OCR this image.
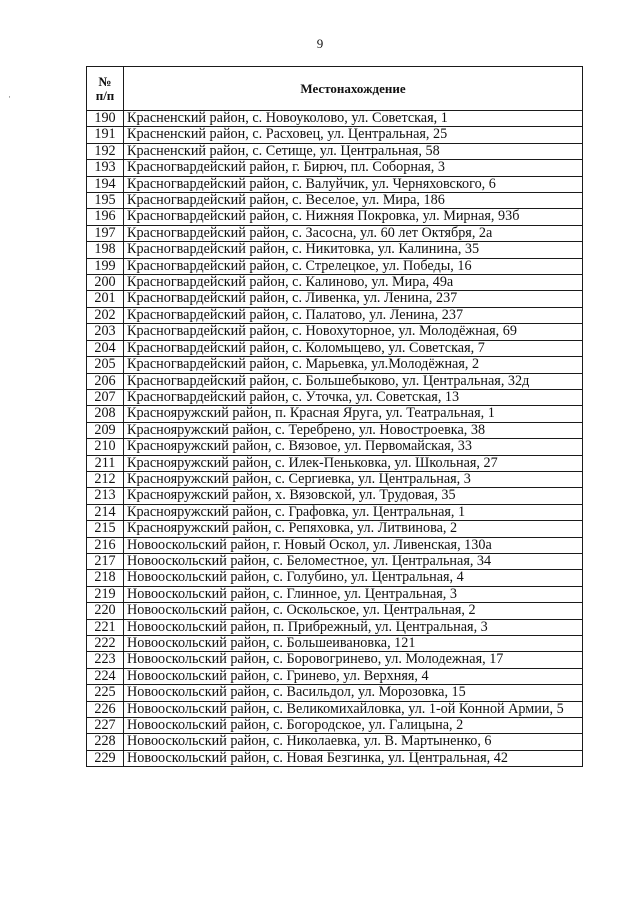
9
·
№
п/п	Местонахождение
190	Красненский район, с. Новоуколово, ул. Советская, 1
191	Красненский район, с. Расховец, ул. Центральная, 25
192	Красненский район, с. Сетище, ул. Центральная, 58
193	Красногвардейский район, г. Бирюч, пл. Соборная, 3
194	Красногвардейский район, с. Валуйчик, ул. Черняховского, 6
195	Красногвардейский район, с. Веселое, ул. Мира, 186
196	Красногвардейский район, с. Нижняя Покровка, ул. Мирная, 93б
197	Красногвардейский район, с. Засосна, ул. 60 лет Октября, 2а
198	Красногвардейский район, с. Никитовка, ул. Калинина, 35
199	Красногвардейский район, с. Стрелецкое, ул. Победы, 16
200	Красногвардейский район, с. Калиново, ул. Мира, 49а
201	Красногвардейский район, с. Ливенка, ул. Ленина, 237
202	Красногвардейский район, с. Палатово, ул. Ленина, 237
203	Красногвардейский район, с. Новохуторное, ул. Молодёжная, 69
204	Красногвардейский район, с. Коломыцево, ул. Советская, 7
205	Красногвардейский район, с. Марьевка, ул.Молодёжная, 2
206	Красногвардейский район, с. Большебыково, ул. Центральная, 32д
207	Красногвардейский район, с. Уточка, ул. Советская, 13
208	Краснояружский район, п. Красная Яруга, ул. Театральная, 1
209	Краснояружский район, с. Теребрено, ул. Новостроевка, 38
210	Краснояружский район, с. Вязовое, ул. Первомайская, 33
211	Краснояружский район, с. Илек-Пеньковка, ул. Школьная, 27
212	Краснояружский район, с. Сергиевка, ул. Центральная, 3
213	Краснояружский район, х. Вязовской, ул. Трудовая, 35
214	Краснояружский район, с. Графовка, ул. Центральная, 1
215	Краснояружский район, с. Репяховка, ул. Литвинова, 2
216	Новооскольский район, г. Новый Оскол, ул. Ливенская, 130а
217	Новооскольский район, с. Беломестное, ул. Центральная, 34
218	Новооскольский район, с. Голубино, ул. Центральная, 4
219	Новооскольский район, с. Глинное, ул. Центральная, 3
220	Новооскольский район, с. Оскольское, ул. Центральная, 2
221	Новооскольский район, п. Прибрежный, ул. Центральная, 3
222	Новооскольский район, с. Большеивановка, 121
223	Новооскольский район, с. Боровогринево, ул. Молодежная, 17
224	Новооскольский район, с. Гринево, ул. Верхняя, 4
225	Новооскольский район, с. Васильдол, ул. Морозовка, 15
226	Новооскольский район, с. Великомихайловка, ул. 1-ой Конной Армии, 5
227	Новооскольский район, с. Богородское, ул. Галицына, 2
228	Новооскольский район, с. Николаевка, ул. В. Мартыненко, 6
229	Новооскольский район, с. Новая Безгинка, ул. Центральная, 42
